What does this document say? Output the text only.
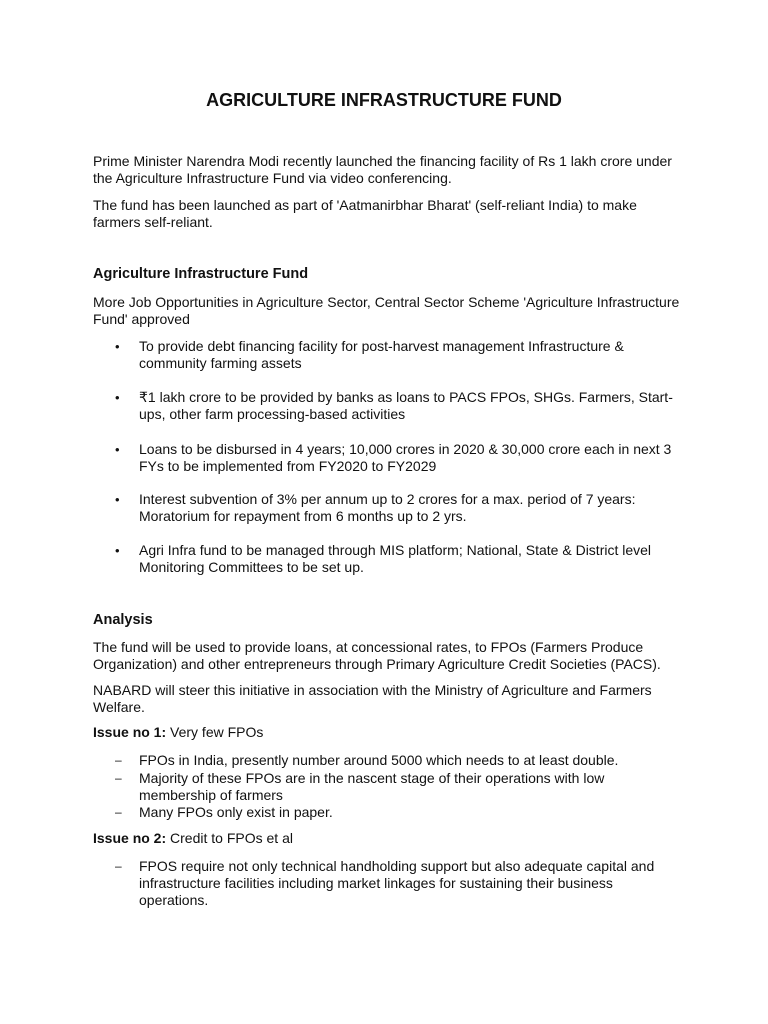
AGRICULTURE INFRASTRUCTURE FUND
Prime Minister Narendra Modi recently launched the financing facility of Rs 1 lakh crore under the Agriculture Infrastructure Fund via video conferencing.
The fund has been launched as part of 'Aatmanirbhar Bharat' (self-reliant India) to make farmers self-reliant.
Agriculture Infrastructure Fund
More Job Opportunities in Agriculture Sector, Central Sector Scheme 'Agriculture Infrastructure Fund' approved
•	To provide debt financing facility for post-harvest management Infrastructure & community farming assets
•	₹1 lakh crore to be provided by banks as loans to PACS FPOs, SHGs. Farmers, Start-ups, other farm processing-based activities
•	Loans to be disbursed in 4 years; 10,000 crores in 2020 & 30,000 crore each in next 3 FYs to be implemented from FY2020 to FY2029
•	Interest subvention of 3% per annum up to 2 crores for a max. period of 7 years: Moratorium for repayment from 6 months up to 2 yrs.
•	Agri Infra fund to be managed through MIS platform; National, State & District level Monitoring Committees to be set up.
Analysis
The fund will be used to provide loans, at concessional rates, to FPOs (Farmers Produce Organization) and other entrepreneurs through Primary Agriculture Credit Societies (PACS).
NABARD will steer this initiative in association with the Ministry of Agriculture and Farmers Welfare.
Issue no 1: Very few FPOs
– FPOs in India, presently number around 5000 which needs to at least double.
– Majority of these FPOs are in the nascent stage of their operations with low membership of farmers
– Many FPOs only exist in paper.
Issue no 2: Credit to FPOs et al
– FPOS require not only technical handholding support but also adequate capital and infrastructure facilities including market linkages for sustaining their business operations.
